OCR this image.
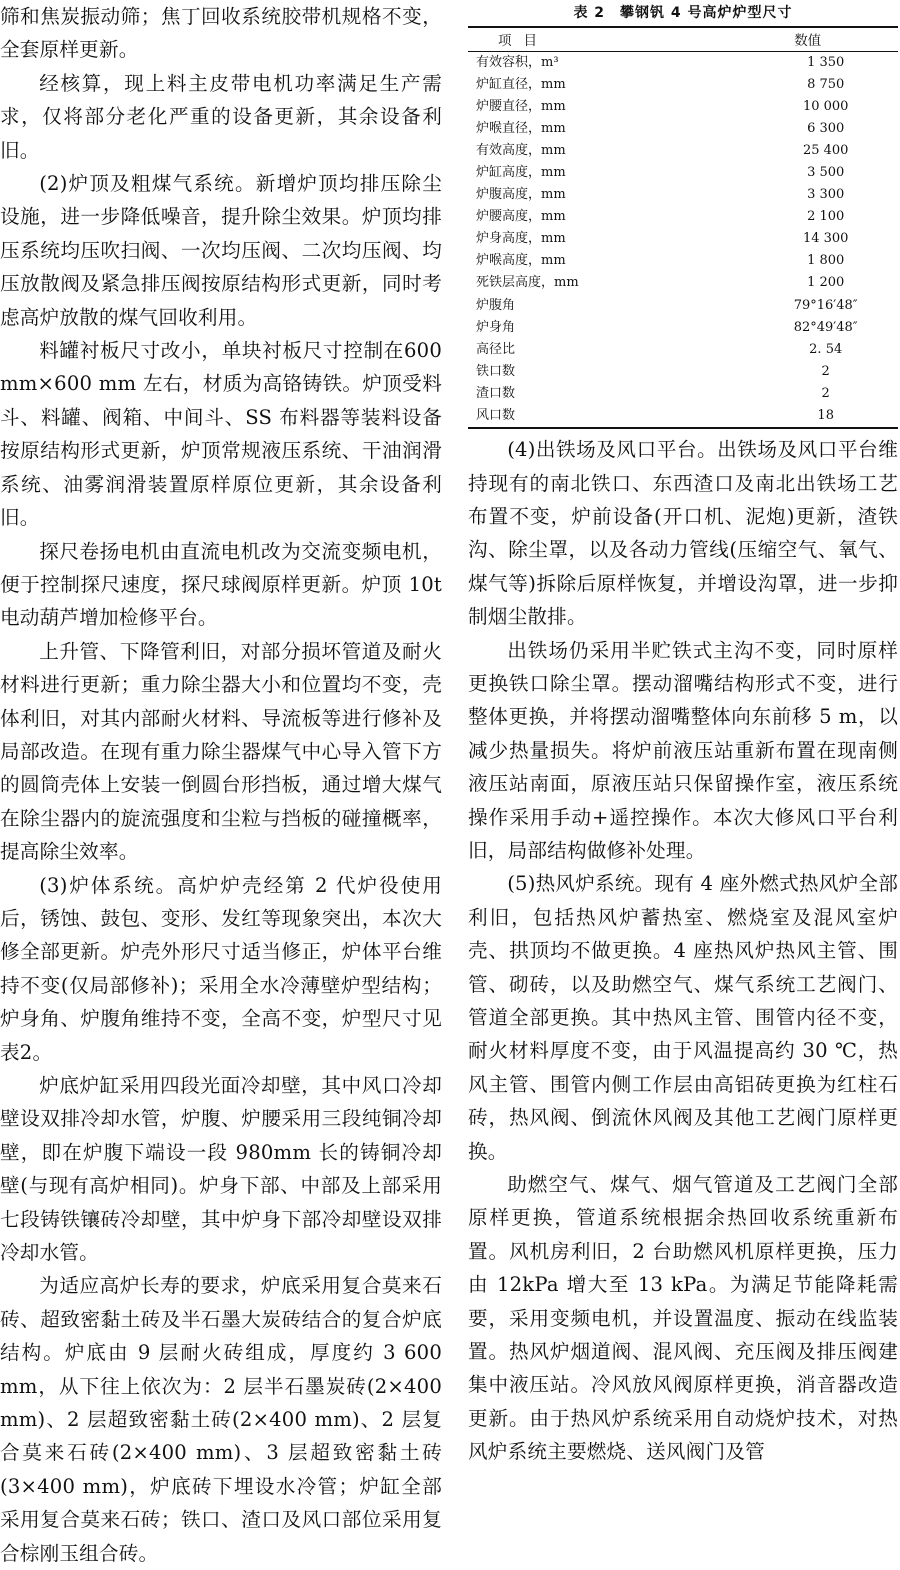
筛和焦炭振动筛；焦丁回收系统胶带机规格不变，全套原样更新。

经核算，现上料主皮带电机功率满足生产需求，仅将部分老化严重的设备更新，其余设备利旧。

(2)炉顶及粗煤气系统。新增炉顶均排压除尘设施，进一步降低噪音，提升除尘效果。炉顶均排压系统均压吹扫阀、一次均压阀、二次均压阀、均压放散阀及紧急排压阀按原结构形式更新，同时考虑高炉放散的煤气回收利用。

料罐衬板尺寸改小，单块衬板尺寸控制在600 mm×600 mm 左右，材质为高铬铸铁。炉顶受料斗、料罐、阀箱、中间斗、SS 布料器等装料设备按原结构形式更新，炉顶常规液压系统、干油润滑系统、油雾润滑装置原样原位更新，其余设备利旧。

探尺卷扬电机由直流电机改为交流变频电机，便于控制探尺速度，探尺球阀原样更新。炉顶 10t 电动葫芦增加检修平台。

上升管、下降管利旧，对部分损坏管道及耐火材料进行更新；重力除尘器大小和位置均不变，壳体利旧，对其内部耐火材料、导流板等进行修补及局部改造。在现有重力除尘器煤气中心导入管下方的圆筒壳体上安装一倒圆台形挡板，通过增大煤气在除尘器内的旋流强度和尘粒与挡板的碰撞概率，提高除尘效率。

(3)炉体系统。高炉炉壳经第 2 代炉役使用后，锈蚀、鼓包、变形、发红等现象突出，本次大修全部更新。炉壳外形尺寸适当修正，炉体平台维持不变(仅局部修补)；采用全水冷薄壁炉型结构；炉身角、炉腹角维持不变，全高不变，炉型尺寸见表2。

炉底炉缸采用四段光面冷却壁，其中风口冷却壁设双排冷却水管，炉腹、炉腰采用三段纯铜冷却壁，即在炉腹下端设一段 980mm 长的铸铜冷却壁(与现有高炉相同)。炉身下部、中部及上部采用七段铸铁镶砖冷却壁，其中炉身下部冷却壁设双排冷却水管。

为适应高炉长寿的要求，炉底采用复合莫来石砖、超致密黏土砖及半石墨大炭砖结合的复合炉底结构。炉底由 9 层耐火砖组成，厚度约 3 600 mm，从下往上依次为：2 层半石墨炭砖(2×400 mm)、2 层超致密黏土砖(2×400 mm)、2 层复合莫来石砖(2×400 mm)、3 层超致密黏土砖(3×400 mm)，炉底砖下埋设水冷管；炉缸全部采用复合莫来石砖；铁口、渣口及风口部位采用复合棕刚玉组合砖。

表 2　攀钢钒 4 号高炉炉型尺寸
项目	数值
有效容积，m³	1 350
炉缸直径，mm	8 750
炉腰直径，mm	10 000
炉喉直径，mm	6 300
有效高度，mm	25 400
炉缸高度，mm	3 500
炉腹高度，mm	3 300
炉腰高度，mm	2 100
炉身高度，mm	14 300
炉喉高度，mm	1 800
死铁层高度，mm	1 200
炉腹角	79°16′48″
炉身角	82°49′48″
高径比	2. 54
铁口数	2
渣口数	2
风口数	18

(4)出铁场及风口平台。出铁场及风口平台维持现有的南北铁口、东西渣口及南北出铁场工艺布置不变，炉前设备(开口机、泥炮)更新，渣铁沟、除尘罩，以及各动力管线(压缩空气、氧气、煤气等)拆除后原样恢复，并增设沟罩，进一步抑制烟尘散排。

出铁场仍采用半贮铁式主沟不变，同时原样更换铁口除尘罩。摆动溜嘴结构形式不变，进行整体更换，并将摆动溜嘴整体向东前移 5 m，以减少热量损失。将炉前液压站重新布置在现南侧液压站南面，原液压站只保留操作室，液压系统操作采用手动+遥控操作。本次大修风口平台利旧，局部结构做修补处理。

(5)热风炉系统。现有 4 座外燃式热风炉全部利旧，包括热风炉蓄热室、燃烧室及混风室炉壳、拱顶均不做更换。4 座热风炉热风主管、围管、砌砖，以及助燃空气、煤气系统工艺阀门、管道全部更换。其中热风主管、围管内径不变，耐火材料厚度不变，由于风温提高约 30 ℃，热风主管、围管内侧工作层由高铝砖更换为红柱石砖，热风阀、倒流休风阀及其他工艺阀门原样更换。

助燃空气、煤气、烟气管道及工艺阀门全部原样更换，管道系统根据余热回收系统重新布置。风机房利旧，2 台助燃风机原样更换，压力由 12kPa 增大至 13 kPa。为满足节能降耗需要，采用变频电机，并设置温度、振动在线监装置。热风炉烟道阀、混风阀、充压阀及排压阀建集中液压站。冷风放风阀原样更换，消音器改造更新。由于热风炉系统采用自动烧炉技术，对热风炉系统主要燃烧、送风阀门及管
